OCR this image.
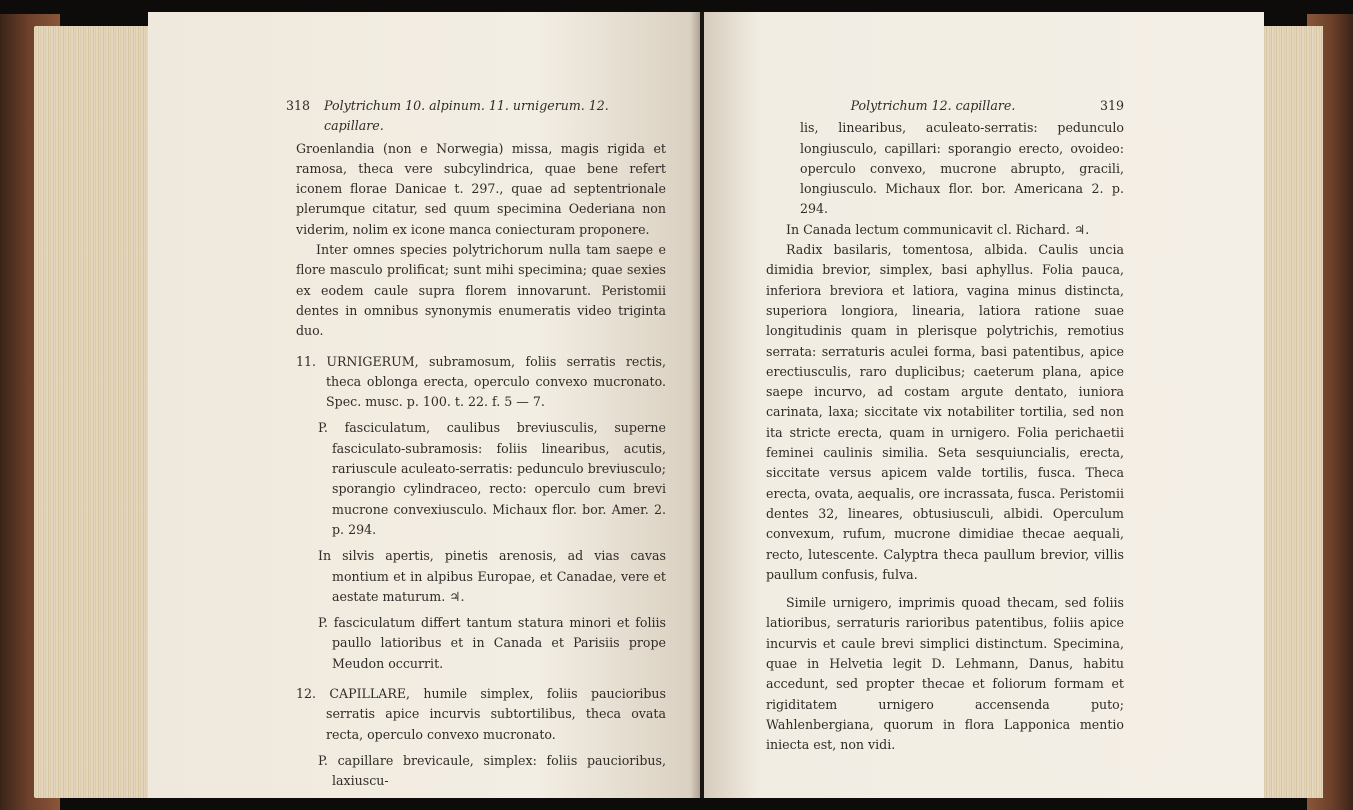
318 Polytrichum 10. alpinum. 11. urnigerum. 12. capillare.

Groenlandia (non e Norwegia) missa, magis rigida et ramosa, theca vere subcylindrica, quae bene refert iconem florae Danicae t. 297., quae ad septentrionale plerumque citatur, sed quum specimina Oederiana non viderim, nolim ex icone manca coniecturam proponere.

Inter omnes species polytrichorum nulla tam saepe e flore masculo prolificat; sunt mihi specimina; quae sexies ex eodem caule supra florem innovarunt. Peristomii dentes in omnibus synonymis enumeratis video triginta duo.

11. URNIGERUM, subramosum, foliis serratis rectis, theca oblonga erecta, operculo convexo mucronato. Spec. musc. p. 100. t. 22. f. 5 — 7.

P. fasciculatum, caulibus breviusculis, superne fasciculato-subramosis: foliis linearibus, acutis, rariuscule aculeato-serratis: pedunculo breviusculo; sporangio cylindraceo, recto: operculo cum brevi mucrone convexiusculo. Michaux flor. bor. Amer. 2. p. 294.

In silvis apertis, pinetis arenosis, ad vias cavas montium et in alpibus Europae, et Canadae, vere et aestate maturum. ♃.

P. fasciculatum differt tantum statura minori et foliis paullo latioribus et in Canada et Parisiis prope Meudon occurrit.

12. CAPILLARE, humile simplex, foliis paucioribus serratis apice incurvis subtortilibus, theca ovata recta, operculo convexo mucronato.

P. capillare brevicaule, simplex: foliis paucioribus, laxiuscu-

Polytrichum 12. capillare.	319

lis, linearibus, aculeato-serratis: pedunculo longiusculo, capillari: sporangio erecto, ovoideo: operculo convexo, mucrone abrupto, gracili, longiusculo. Michaux flor. bor. Americana 2. p. 294.

In Canada lectum communicavit cl. Richard. ♃.

Radix basilaris, tomentosa, albida. Caulis uncia dimidia brevior, simplex, basi aphyllus. Folia pauca, inferiora breviora et latiora, vagina minus distincta, superiora longiora, linearia, latiora ratione suae longitudinis quam in plerisque polytrichis, remotius serrata: serraturis aculei forma, basi patentibus, apice erectiusculis, raro duplicibus; caeterum plana, apice saepe incurvo, ad costam argute dentato, iuniora carinata, laxa; siccitate vix notabiliter tortilia, sed non ita stricte erecta, quam in urnigero. Folia perichaetii feminei caulinis similia. Seta sesquiuncialis, erecta, siccitate versus apicem valde tortilis, fusca. Theca erecta, ovata, aequalis, ore incrassata, fusca. Peristomii dentes 32, lineares, obtusiusculi, albidi. Operculum convexum, rufum, mucrone dimidiae thecae aequali, recto, lutescente. Calyptra theca paullum brevior, villis paullum confusis, fulva.

Simile urnigero, imprimis quoad thecam, sed foliis latioribus, serraturis rarioribus patentibus, foliis apice incurvis et caule brevi simplici distinctum. Specimina, quae in Helvetia legit D. Lehmann, Danus, habitu accedunt, sed propter thecae et foliorum formam et rigiditatem urnigero accensenda puto; Wahlenbergiana, quorum in flora Lapponica mentio iniecta est, non vidi.
